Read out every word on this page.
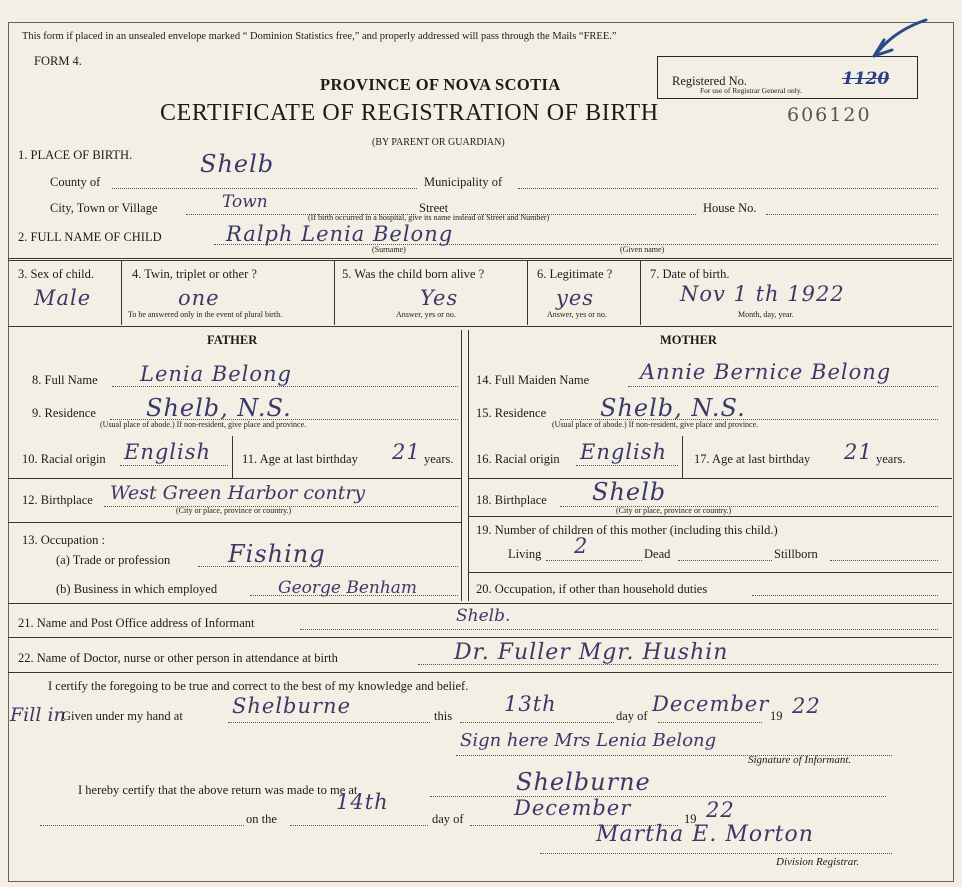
This form if placed in an unsealed envelope marked “ Dominion Statistics free,” and properly addressed will pass through the Mails “FREE.”
FORM 4.
Registered No.	1120
For use of Registrar General only.
606120
PROVINCE OF NOVA SCOTIA
CERTIFICATE OF REGISTRATION OF BIRTH
(BY PARENT OR GUARDIAN)
1. PLACE OF BIRTH.	Shelb
County of	Municipality of
City, Town or Village	Town	Street	House No.
(If birth occurred in a hospital, give its name instead of Street and Number)
2. FULL NAME OF CHILD	Ralph Lenia Belong
(Surname)	(Given name)
3. Sex of child.
Male
4. Twin, triplet or other ?
one
To be answered only in the event of plural birth.
5. Was the child born alive ?
Yes
Answer, yes or no.
6. Legitimate ?
yes
Answer, yes or no.
7. Date of birth.
Nov 1 th 1922
Month, day, year.
FATHER	MOTHER
8. Full Name Lenia Belong
9. Residence Shelb, N.S.
(Usual place of abode.) If non-resident, give place and province.
10. Racial origin English 11. Age at last birthday 21 years.
12. Birthplace West Green Harbor contry
(City or place, province or country.)
13. Occupation :
(a) Trade or profession Fishing
(b) Business in which employed	George Benham
14. Full Maiden Name Annie Bernice Belong
15. Residence Shelb, N.S.
(Usual place of abode.) If non-resident, give place and province.
16. Racial origin English 17. Age at last birthday 21 years.
18. Birthplace Shelb
(City or place, province or country.)
19. Number of children of this mother (including this child.)
Living 2	Dead	Stillborn
20. Occupation, if other than household duties
21. Name and Post Office address of Informant	Shelb.
22. Name of Doctor, nurse or other person in attendance at birth	Dr. Fuller Mgr. Hushin
I certify the foregoing to be true and correct to the best of my knowledge and belief.
Fill in
Given under my hand at Shelburne	this 13th	day of December 19 22
Sign here Mrs Lenia Belong
Signature of Informant.
I hereby certify that the above return was made to me at	Shelburne
on the
14th
day of December	19 22
Martha E. Morton
Division Registrar.
